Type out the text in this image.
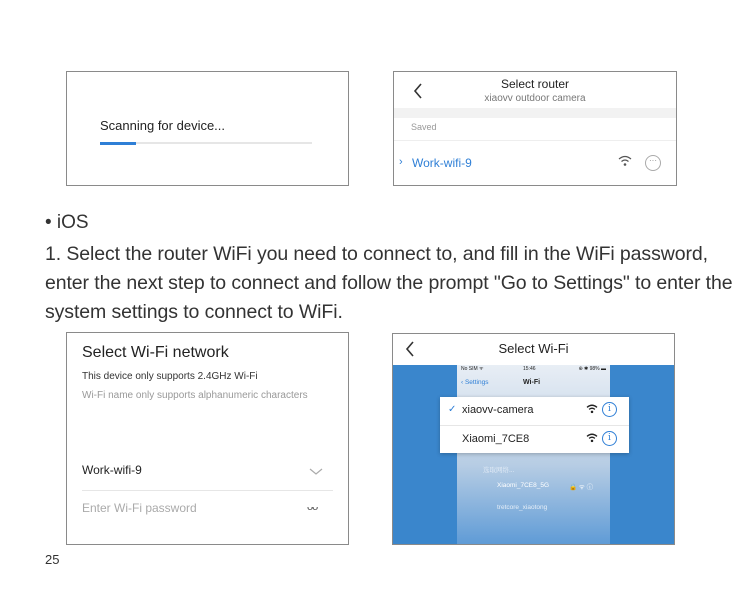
Scanning for device...
Select router
xiaovv outdoor camera
Saved
› Work-wifi-9	···
• iOS
1. Select the router WiFi you need to connect to, and fill in the WiFi password, enter the next step to connect and follow the prompt "Go to Settings" to enter the system settings to connect to WiFi.
Select Wi-Fi network
This device only supports 2.4GHz Wi-Fi
Wi-Fi name only supports alphanumeric characters
Work-wifi-9
Enter Wi-Fi password	ᴗᴗ
Select Wi-Fi
No SIM ᯤ	15:46	⊕ ✱ 98% ▬
‹ Settings	Wi-Fi
选取网络...
Xiaomi_7CE8_5G	🔒 ᯤ ⓘ
tretcore_xiaotong
✓ xiaovv-camera	i
Xiaomi_7CE8	i
25
